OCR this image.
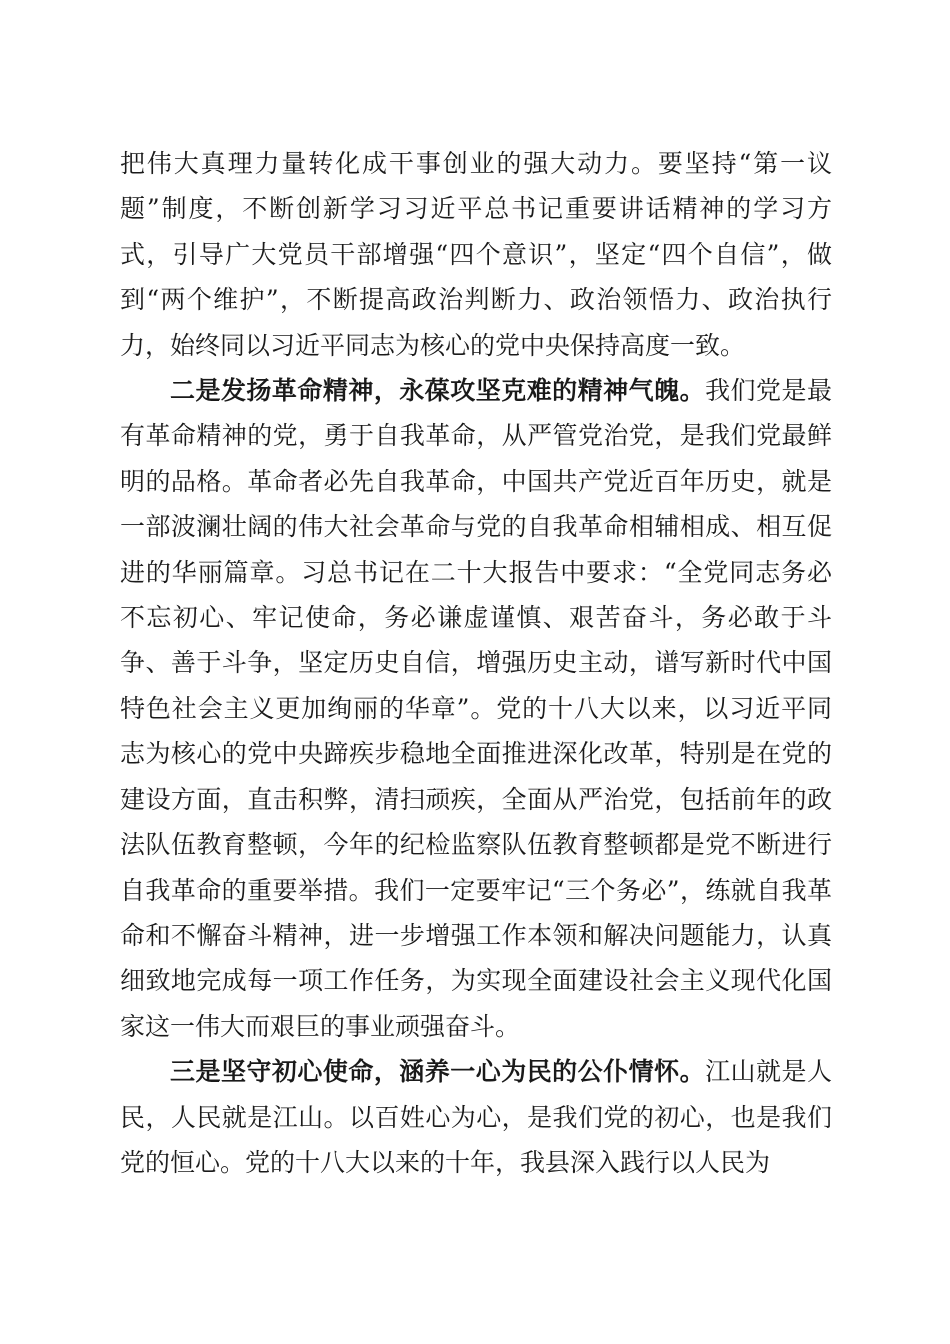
把伟大真理力量转化成干事创业的强大动力。要坚持“第一议题”制度，不断创新学习习近平总书记重要讲话精神的学习方式，引导广大党员干部增强“四个意识”，坚定“四个自信”，做到“两个维护”，不断提高政治判断力、政治领悟力、政治执行力，始终同以习近平同志为核心的党中央保持高度一致。

二是发扬革命精神，永葆攻坚克难的精神气魄。我们党是最有革命精神的党，勇于自我革命，从严管党治党，是我们党最鲜明的品格。革命者必先自我革命，中国共产党近百年历史，就是一部波澜壮阔的伟大社会革命与党的自我革命相辅相成、相互促进的华丽篇章。习总书记在二十大报告中要求：“全党同志务必不忘初心、牢记使命，务必谦虚谨慎、艰苦奋斗，务必敢于斗争、善于斗争，坚定历史自信，增强历史主动，谱写新时代中国特色社会主义更加绚丽的华章”。党的十八大以来，以习近平同志为核心的党中央蹄疾步稳地全面推进深化改革，特别是在党的建设方面，直击积弊，清扫顽疾，全面从严治党，包括前年的政法队伍教育整顿，今年的纪检监察队伍教育整顿都是党不断进行自我革命的重要举措。我们一定要牢记“三个务必”，练就自我革命和不懈奋斗精神，进一步增强工作本领和解决问题能力，认真细致地完成每一项工作任务，为实现全面建设社会主义现代化国家这一伟大而艰巨的事业顽强奋斗。

三是坚守初心使命，涵养一心为民的公仆情怀。江山就是人民，人民就是江山。以百姓心为心，是我们党的初心，也是我们党的恒心。党的十八大以来的十年，我县深入践行以人民为
